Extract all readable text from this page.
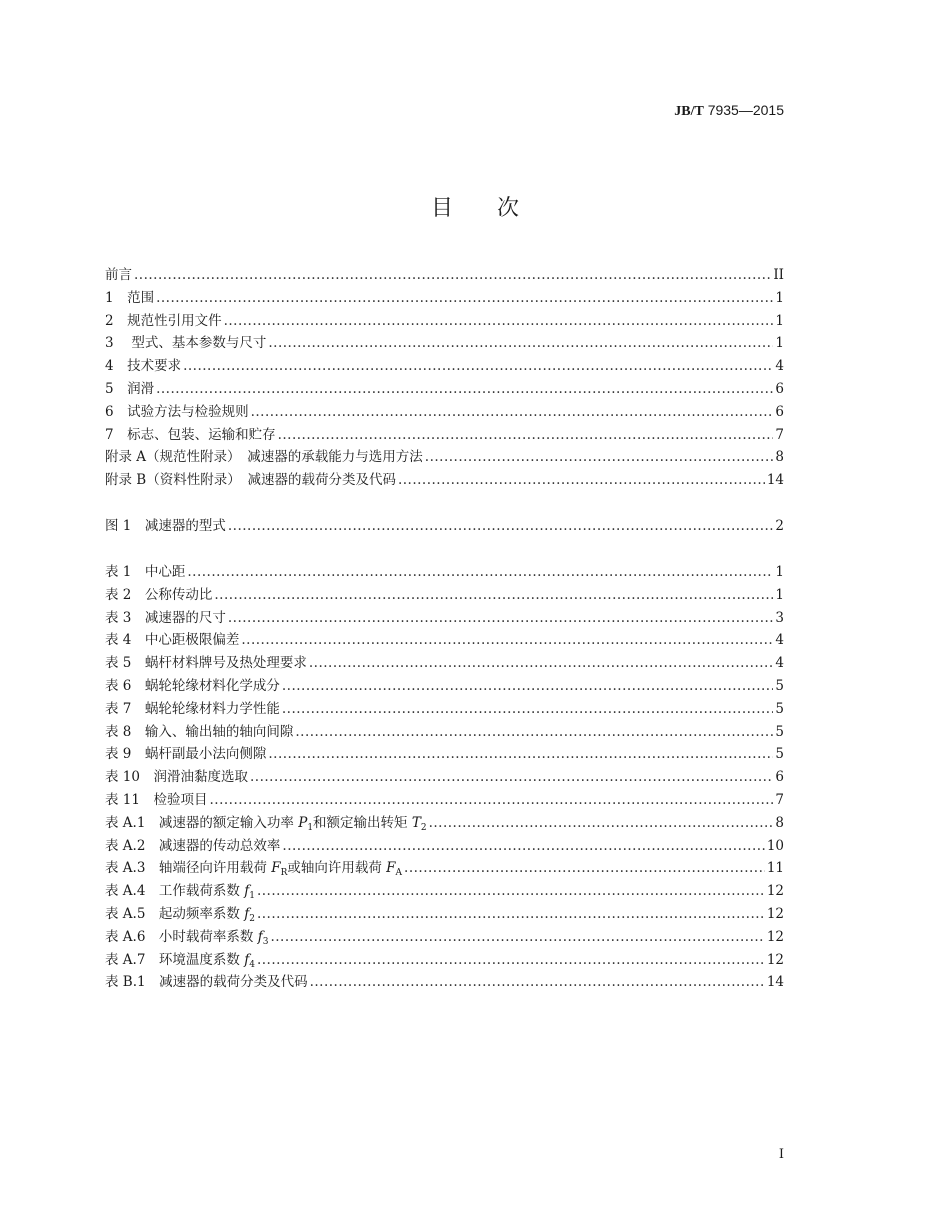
JB/T 7935—2015
目次
前言 .....	II
1　范围 .....	1
2　规范性引用文件 .....	1
3　 型式、基本参数与尺寸 .....	1
4　技术要求 .....	4
5　润滑 .....	6
6　试验方法与检验规则 .....	6
7　标志、包装、运输和贮存 .....	7
附录 A（规范性附录）　减速器的承载能力与选用方法 .....	8
附录 B（资料性附录）　减速器的载荷分类及代码 .....	14
图 1　减速器的型式 .....	2
表 1　中心距 .....	1
表 2　公称传动比 .....	1
表 3　减速器的尺寸 .....	3
表 4　中心距极限偏差 .....	4
表 5　蜗杆材料牌号及热处理要求 .....	4
表 6　蜗轮轮缘材料化学成分 .....	5
表 7　蜗轮轮缘材料力学性能 .....	5
表 8　输入、输出轴的轴向间隙 .....	5
表 9　蜗杆副最小法向侧隙 .....	5
表 10　润滑油黏度选取 .....	6
表 11　检验项目 .....	7
表 A.1　减速器的额定输入功率 $P_1$和额定输出转矩 $T_2$ .....	8
表 A.2　减速器的传动总效率 .....	10
表 A.3　轴端径向许用载荷 $F_R$或轴向许用载荷 $F_A$ .....	11
表 A.4　工作载荷系数 $f_1$ .....	12
表 A.5　起动频率系数 $f_2$ .....	12
表 A.6　小时载荷率系数 $f_3$ .....	12
表 A.7　环境温度系数 $f_4$ .....	12
表 B.1　减速器的载荷分类及代码 .....	14
I
